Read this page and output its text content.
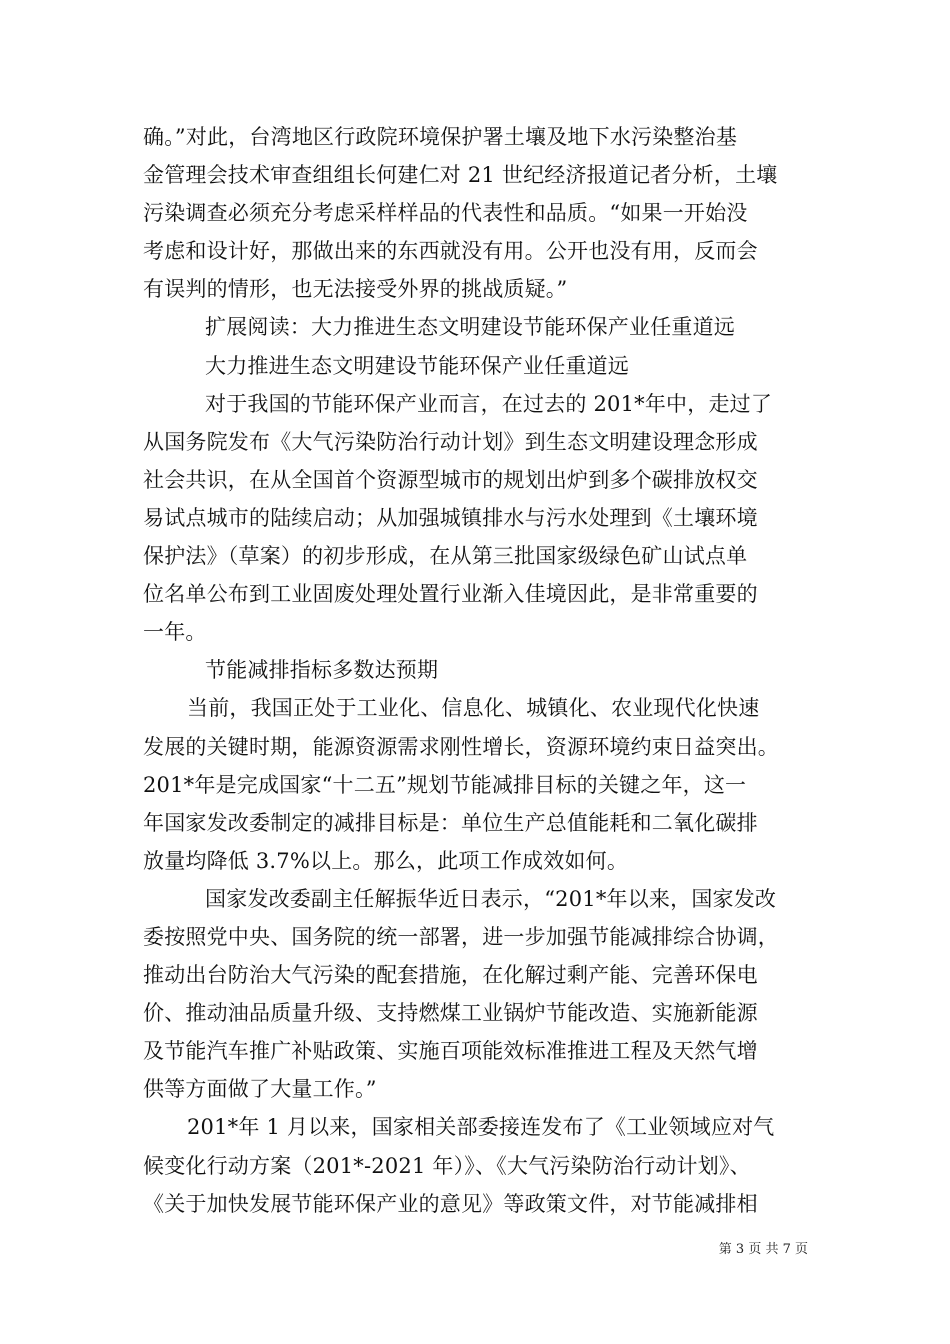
确。”对此，台湾地区行政院环境保护署土壤及地下水污染整治基
金管理会技术审查组组长何建仁对 21 世纪经济报道记者分析，土壤
污染调查必须充分考虑采样样品的代表性和品质。“如果一开始没
考虑和设计好，那做出来的东西就没有用。公开也没有用，反而会
有误判的情形，也无法接受外界的挑战质疑。”
扩展阅读：大力推进生态文明建设节能环保产业任重道远
大力推进生态文明建设节能环保产业任重道远
对于我国的节能环保产业而言，在过去的 201*年中，走过了
从国务院发布《大气污染防治行动计划》到生态文明建设理念形成
社会共识，在从全国首个资源型城市的规划出炉到多个碳排放权交
易试点城市的陆续启动；从加强城镇排水与污水处理到《土壤环境
保护法》（草案）的初步形成，在从第三批国家级绿色矿山试点单
位名单公布到工业固废处理处置行业渐入佳境因此，是非常重要的
一年。
节能减排指标多数达预期
当前，我国正处于工业化、信息化、城镇化、农业现代化快速
发展的关键时期，能源资源需求刚性增长，资源环境约束日益突出。
201*年是完成国家“十二五”规划节能减排目标的关键之年，这一
年国家发改委制定的减排目标是：单位生产总值能耗和二氧化碳排
放量均降低 3.7%以上。那么，此项工作成效如何。
国家发改委副主任解振华近日表示，“201*年以来，国家发改
委按照党中央、国务院的统一部署，进一步加强节能减排综合协调，
推动出台防治大气污染的配套措施，在化解过剩产能、完善环保电
价、推动油品质量升级、支持燃煤工业锅炉节能改造、实施新能源
及节能汽车推广补贴政策、实施百项能效标准推进工程及天然气增
供等方面做了大量工作。”
201*年 1 月以来，国家相关部委接连发布了《工业领域应对气
候变化行动方案（201*-2021 年）》、《大气污染防治行动计划》、
《关于加快发展节能环保产业的意见》等政策文件，对节能减排相
第 3 页 共 7 页
